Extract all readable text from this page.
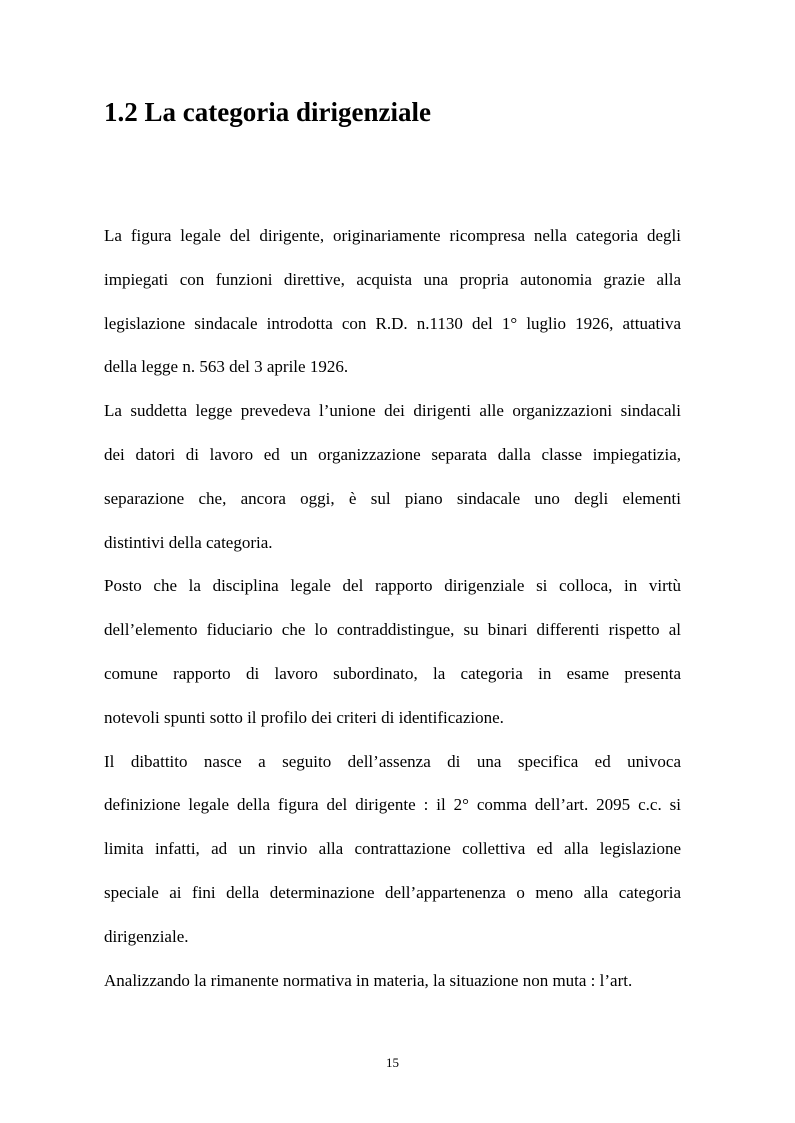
1.2 La categoria dirigenziale
La figura legale del dirigente, originariamente ricompresa nella categoria degli
impiegati con funzioni direttive, acquista una propria autonomia grazie alla
legislazione sindacale introdotta con R.D. n.1130 del 1° luglio 1926, attuativa
della legge n. 563 del 3 aprile 1926.
La suddetta legge prevedeva l’unione dei dirigenti alle organizzazioni sindacali
dei datori di lavoro ed un organizzazione separata dalla classe impiegatizia,
separazione che, ancora oggi, è sul piano sindacale uno degli elementi
distintivi della categoria.
Posto che la disciplina legale del rapporto dirigenziale si colloca, in virtù
dell’elemento fiduciario che lo contraddistingue, su binari differenti rispetto al
comune rapporto di lavoro subordinato, la categoria in esame presenta
notevoli spunti sotto il profilo dei criteri di identificazione.
Il dibattito nasce a seguito dell’assenza di una specifica ed univoca
definizione legale della figura del dirigente : il 2° comma dell’art. 2095 c.c. si
limita infatti, ad un rinvio alla contrattazione collettiva ed alla legislazione
speciale ai fini della determinazione dell’appartenenza o meno alla categoria
dirigenziale.
Analizzando la rimanente normativa in materia, la situazione non muta : l’art.
15
